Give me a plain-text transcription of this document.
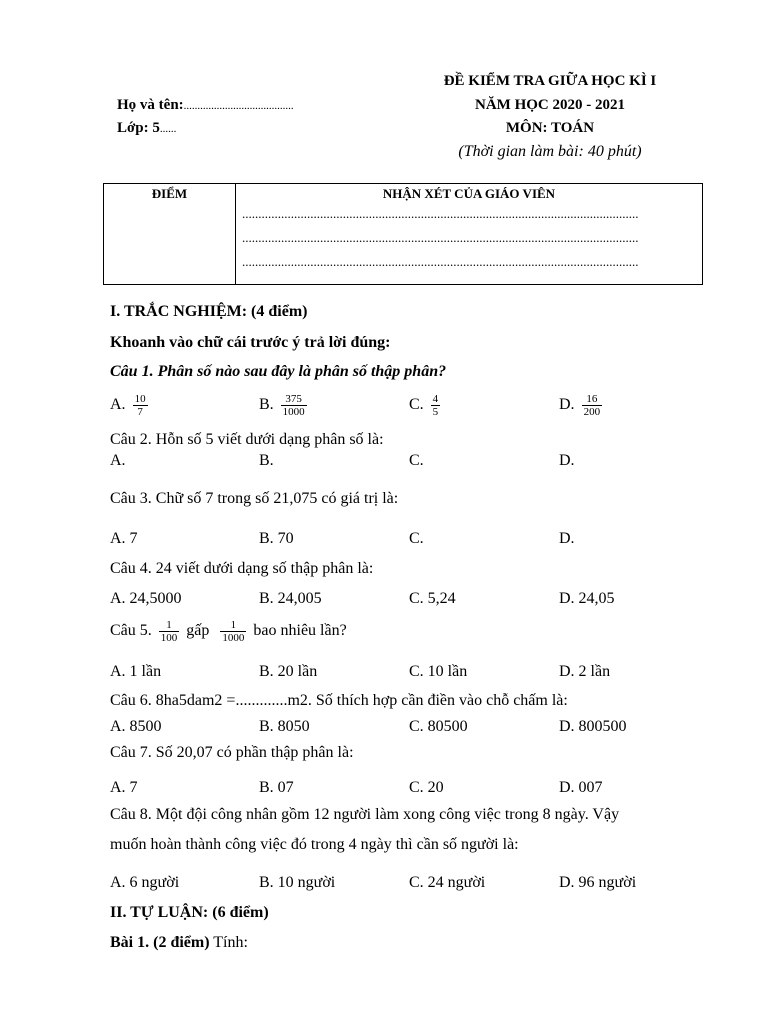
ĐỀ KIỂM TRA GIỮA HỌC KÌ I
NĂM HỌC 2020 - 2021
MÔN: TOÁN
(Thời gian làm bài: 40 phút)
Họ và tên:........................................
Lớp: 5......
ĐIỂM	NHẬN XÉT CỦA GIÁO VIÊN
..........................................................................................................................
..........................................................................................................................
..........................................................................................................................
I. TRẮC NGHIỆM: (4 điểm)
Khoanh vào chữ cái trước ý trả lời đúng:
Câu 1. Phân số nào sau đây là phân số thập phân?
A. $\frac{10}{7}$	B. $\frac{375}{1000}$	C. $\frac{4}{5}$	D. $\frac{16}{200}$
Câu 2. Hỗn số 5 viết dưới dạng phân số là:
A.	B.	C.	D.
Câu 3. Chữ số 7 trong số 21,075 có giá trị là:
A. 7	B. 70	C.	D.
Câu 4. 24 viết dưới dạng số thập phân là:
A. 24,5000	B. 24,005	C. 5,24	D. 24,05
Câu 5. $\frac{1}{100}$ gấp $\frac{1}{1000}$ bao nhiêu lần?
A. 1 lần	B. 20 lần	C. 10 lần	D. 2 lần
Câu 6. 8ha5dam2 =.............m2. Số thích hợp cần điền vào chỗ chấm là:
A. 8500	B. 8050	C. 80500	D. 800500
Câu 7. Số 20,07 có phần thập phân là:
A. 7	B. 07	C. 20	D. 007
Câu 8. Một đội công nhân gồm 12 người làm xong công việc trong 8 ngày. Vậy
muốn hoàn thành công việc đó trong 4 ngày thì cần số người là:
A. 6 người	B. 10 người	C. 24 người	D. 96 người
II. TỰ LUẬN: (6 điểm)
Bài 1. (2 điểm) Tính:
